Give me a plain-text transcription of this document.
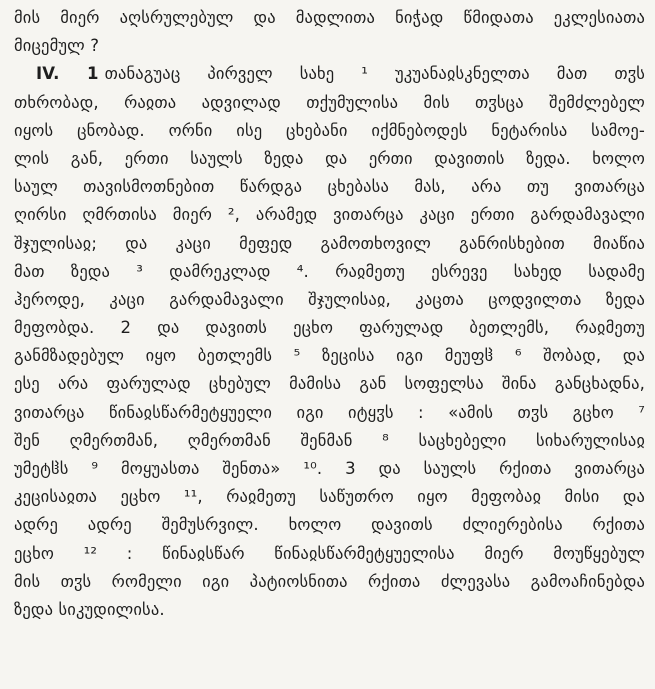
მის მიერ აღსრულებულ და მადლითა ნიჭად წმიდათა ეკლესიათა
მიცემულ ?
IV. 1 თანაგუაც პირველ სახე ¹ უკუანაჲსკნელთა მათ თჳს
თხრობად, რაჲთა ადვილად თქუმულისა მის თჳსცა შემძლებელ
იყოს ცნობად. ორნი ისე ცხებანი იქმნებოდეს ნეტარისა სამოე-
ლის გან, ერთი საულს ზედა და ერთი დავითის ზედა. ხოლო
საულ თავისმოთნებით წარდგა ცხებასა მას, არა თუ ვითარცა
ღირსი ღმრთისა მიერ ², არამედ ვითარცა კაცი ერთი გარდამავალი
შჯულისაჲ; და კაცი მეფედ გამოთხოვილ განრისხებით მიაწია
მათ ზედა ³ დამრეკლად ⁴. რაჲმეთუ ესრევე სახედ სადამე
ჰეროდე, კაცი გარდამავალი შჯულისაჲ, კაცთა ცოდვილთა ზედა
მეფობდა. 2 და დავითს ეცხო ფარულად ბეთლემს, რაჲმეთუ
განმზადებულ იყო ბეთლემს ⁵ ზეცისა იგი მეუფჱ ⁶ შობად, და
ესე არა ფარულად ცხებულ მამისა გან სოფელსა შინა განცხადნა,
ვითარცა წინაჲსწარმეტყუელი იგი იტყჳს : «ამის თჳს გცხო ⁷
შენ ღმერთმან, ღმერთმან შენმან ⁸ საცხებელი სიხარულისაჲ
უმეტჱს ⁹ მოყუასთა შენთა» ¹⁰. 3 და საულს რქითა ვითარცა
კეცისაჲთა ეცხო ¹¹, რაჲმეთუ საწუთრო იყო მეფობაჲ მისი და
ადრე ადრე შემუსრვილ. ხოლო დავითს ძლიერებისა რქითა
ეცხო ¹² : წინაჲსწარ წინაჲსწარმეტყუელისა მიერ მოუწყებულ
მის თჳს რომელი იგი პატიოსნითა რქითა ძლევასა გამოაჩინებდა
ზედა სიკუდილისა.
